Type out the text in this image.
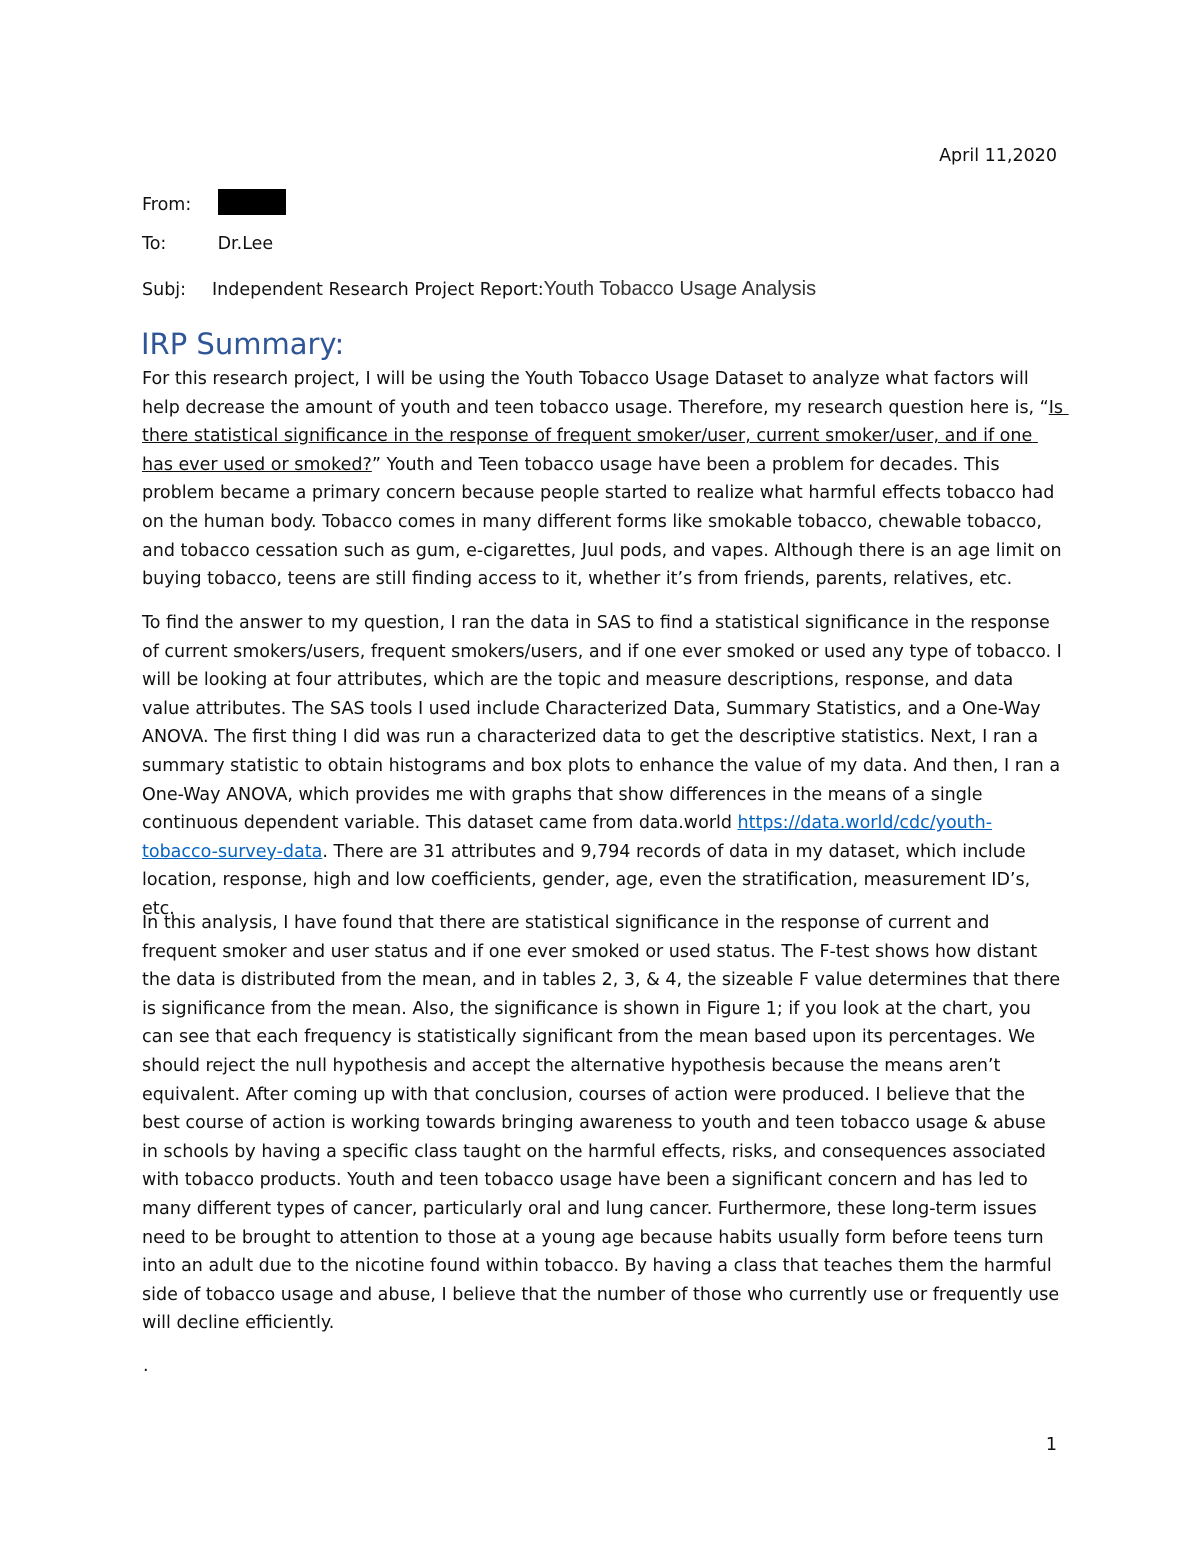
April 11,2020
From:
To:	Dr.Lee
Subj: Independent Research Project Report:Youth Tobacco Usage Analysis
IRP Summary:

For this research project, I will be using the Youth Tobacco Usage Dataset to analyze what factors will help decrease the amount of youth and teen tobacco usage. Therefore, my research question here is, “Is there statistical significance in the response of frequent smoker/user, current smoker/user, and if one has ever used or smoked?” Youth and Teen tobacco usage have been a problem for decades. This problem became a primary concern because people started to realize what harmful effects tobacco had on the human body. Tobacco comes in many different forms like smokable tobacco, chewable tobacco, and tobacco cessation such as gum, e-cigarettes, Juul pods, and vapes. Although there is an age limit on buying tobacco, teens are still finding access to it, whether it’s from friends, parents, relatives, etc.

To find the answer to my question, I ran the data in SAS to find a statistical significance in the response of current smokers/users, frequent smokers/users, and if one ever smoked or used any type of tobacco. I will be looking at four attributes, which are the topic and measure descriptions, response, and data value attributes. The SAS tools I used include Characterized Data, Summary Statistics, and a One-Way ANOVA. The first thing I did was run a characterized data to get the descriptive statistics. Next, I ran a summary statistic to obtain histograms and box plots to enhance the value of my data. And then, I ran a One-Way ANOVA, which provides me with graphs that show differences in the means of a single continuous dependent variable. This dataset came from data.world https://data.world/cdc/youth-tobacco-survey-data. There are 31 attributes and 9,794 records of data in my dataset, which include location, response, high and low coefficients, gender, age, even the stratification, measurement ID’s, etc.

In this analysis, I have found that there are statistical significance in the response of current and frequent smoker and user status and if one ever smoked or used status. The F-test shows how distant the data is distributed from the mean, and in tables 2, 3, & 4, the sizeable F value determines that there is significance from the mean. Also, the significance is shown in Figure 1; if you look at the chart, you can see that each frequency is statistically significant from the mean based upon its percentages. We should reject the null hypothesis and accept the alternative hypothesis because the means aren’t equivalent. After coming up with that conclusion, courses of action were produced. I believe that the best course of action is working towards bringing awareness to youth and teen tobacco usage & abuse in schools by having a specific class taught on the harmful effects, risks, and consequences associated with tobacco products. Youth and teen tobacco usage have been a significant concern and has led to many different types of cancer, particularly oral and lung cancer. Furthermore, these long-term issues need to be brought to attention to those at a young age because habits usually form before teens turn into an adult due to the nicotine found within tobacco. By having a class that teaches them the harmful side of tobacco usage and abuse, I believe that the number of those who currently use or frequently use will decline efficiently.

.
1
